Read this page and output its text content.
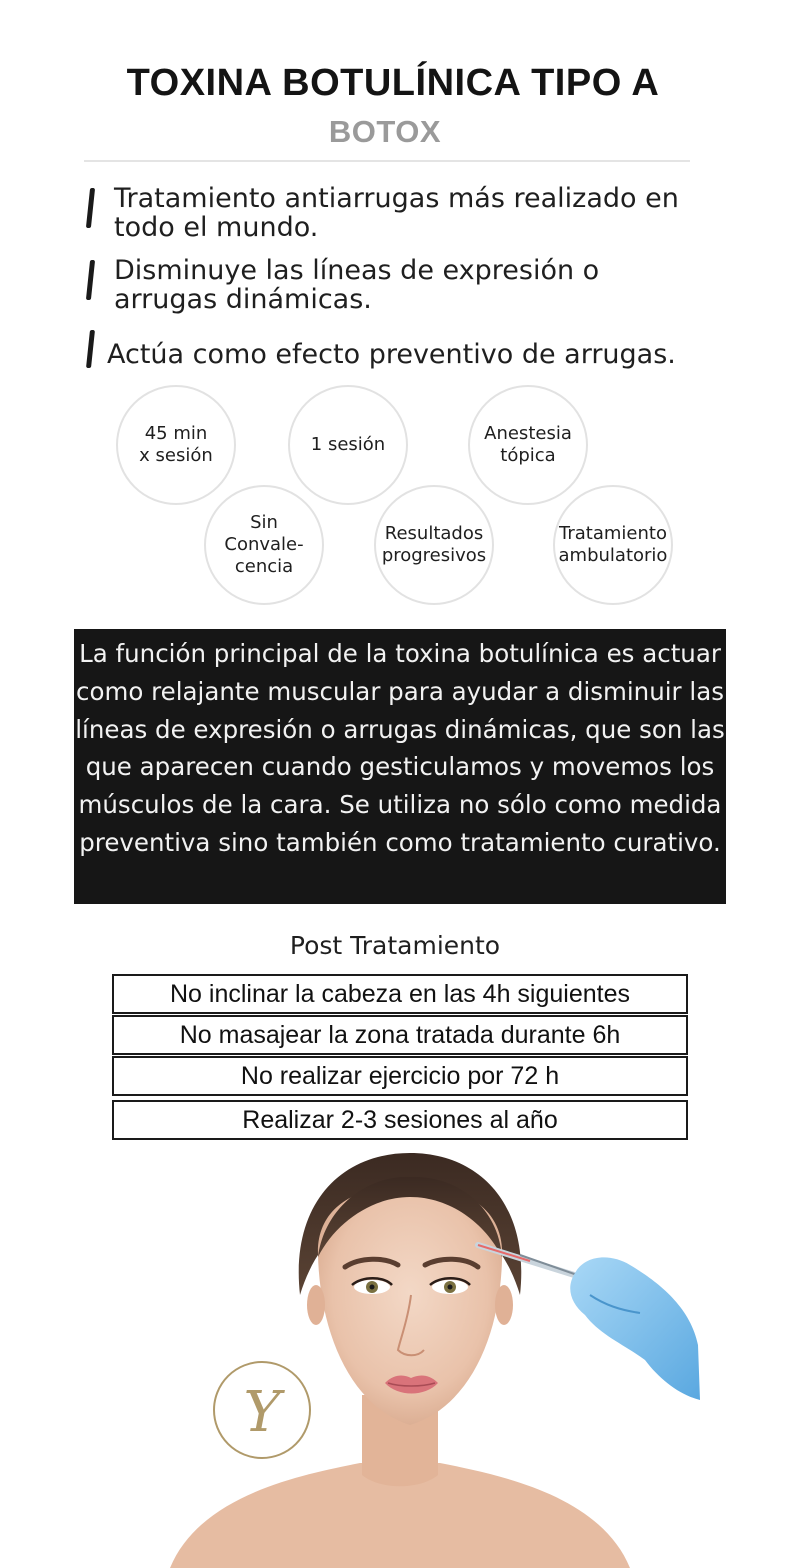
TOXINA BOTULÍNICA TIPO A
BOTOX
Tratamiento antiarrugas más realizado en todo el mundo.
Disminuye las líneas de expresión o arrugas dinámicas.
Actúa como efecto preventivo de arrugas.
45 min
x sesión
1 sesión
Anestesia
tópica
Sin
Convale-
cencia
Resultados
progresivos
Tratamiento
ambulatorio

La función principal de la toxina botulínica es actuar como relajante muscular para ayudar a disminuir las líneas de expresión o arrugas dinámicas, que son las que aparecen cuando gesticulamos y movemos los músculos de la cara. Se utiliza no sólo como medida preventiva sino también como tratamiento curativo.

Post Tratamiento
No inclinar la cabeza en las 4h siguientes
No masajear la zona tratada durante 6h
No realizar ejercicio por 72 h
Realizar 2-3 sesiones al año
Y
